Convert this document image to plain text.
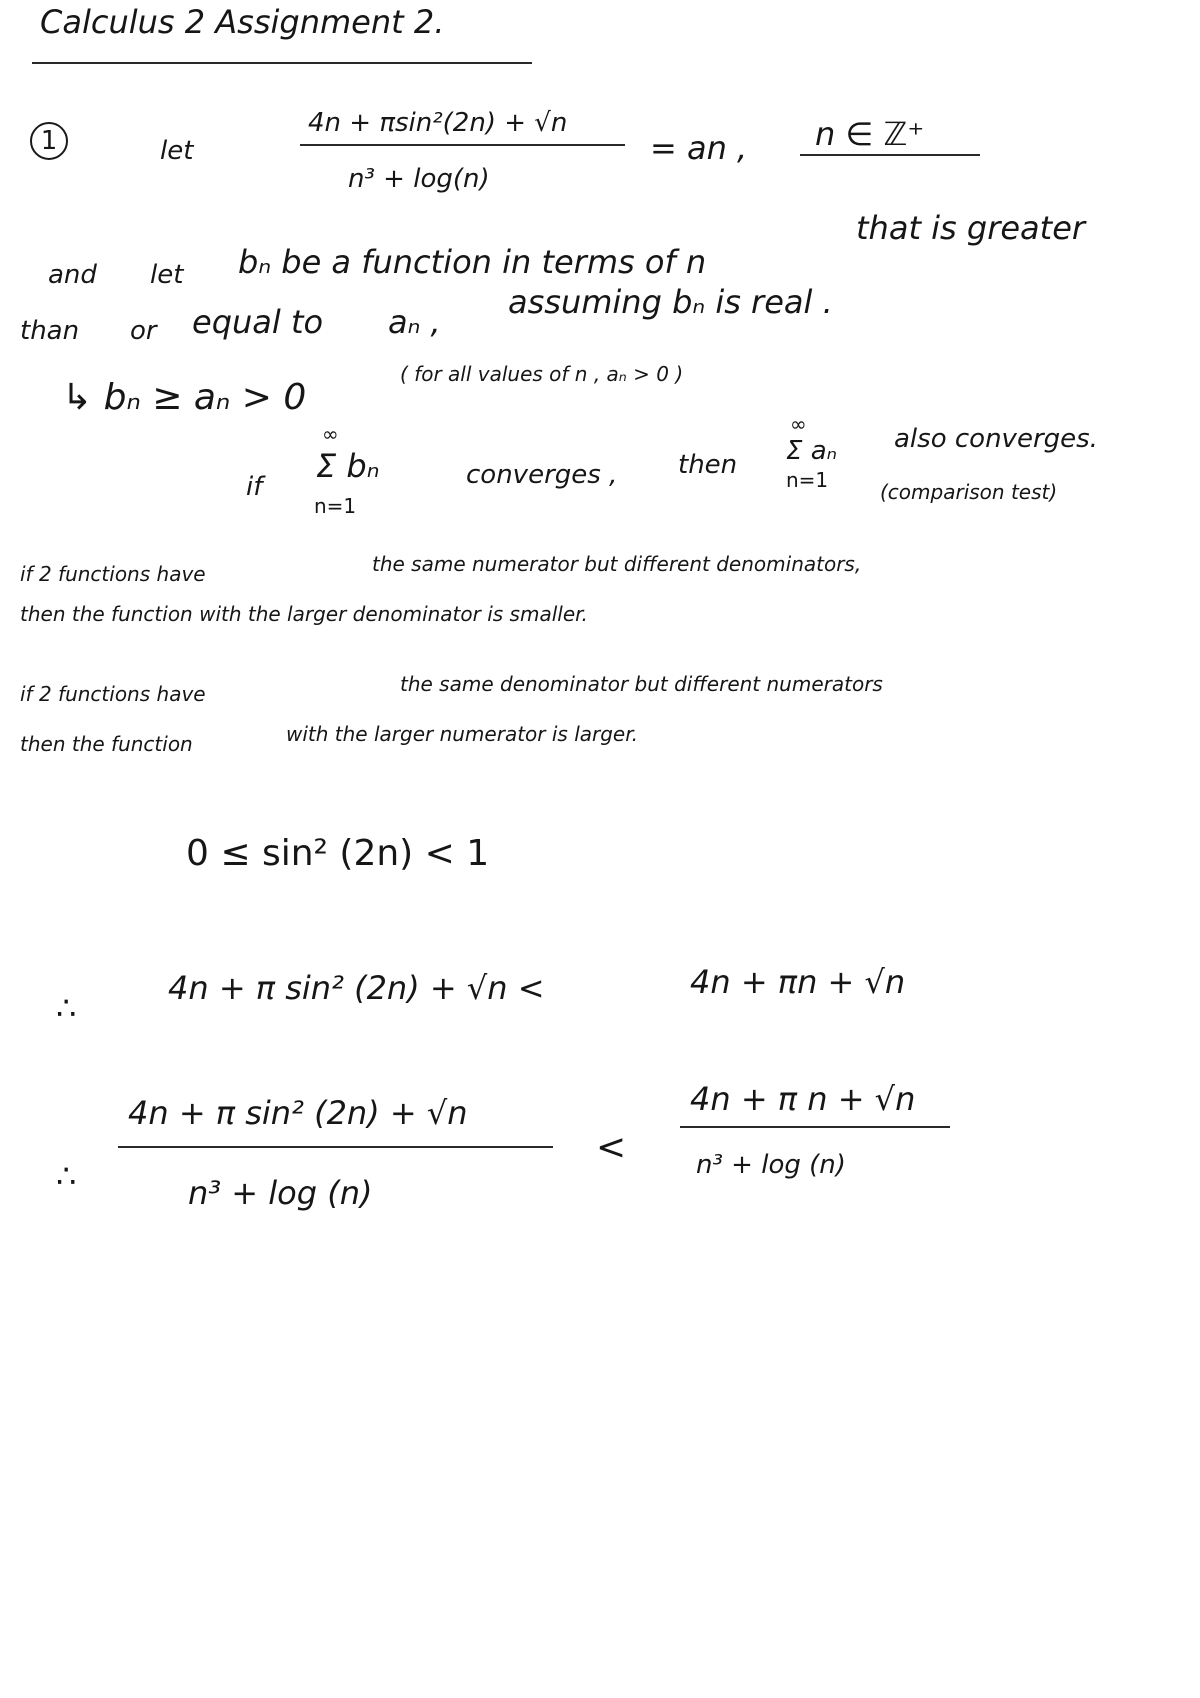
Calculus 2 Assignment 2.
1	let
4n + πsin²(2n) + √n
n³ + log(n)
= an , n ∈ ℤ⁺
and let bₙ be a function in terms of n
that is greater
than or equal to aₙ ,
assuming bₙ is real .
↳ bₙ ≥ aₙ > 0
( for all values of n , aₙ > 0 )
if
∞
Σ bₙ
n=1
converges , then
∞
Σ aₙ
n=1
also converges.
(comparison test)
if 2 functions have	the same numerator but different denominators,
then the function with the larger denominator is smaller.
if 2 functions have	the same denominator but different numerators
then the function	with the larger numerator is larger.
0 ≤ sin² (2n) < 1
∴
4n + π sin² (2n) + √n <	4n + πn + √n
∴
4n + π sin² (2n) + √n
n³ + log (n)
<
4n + π n + √n
n³ + log (n)
